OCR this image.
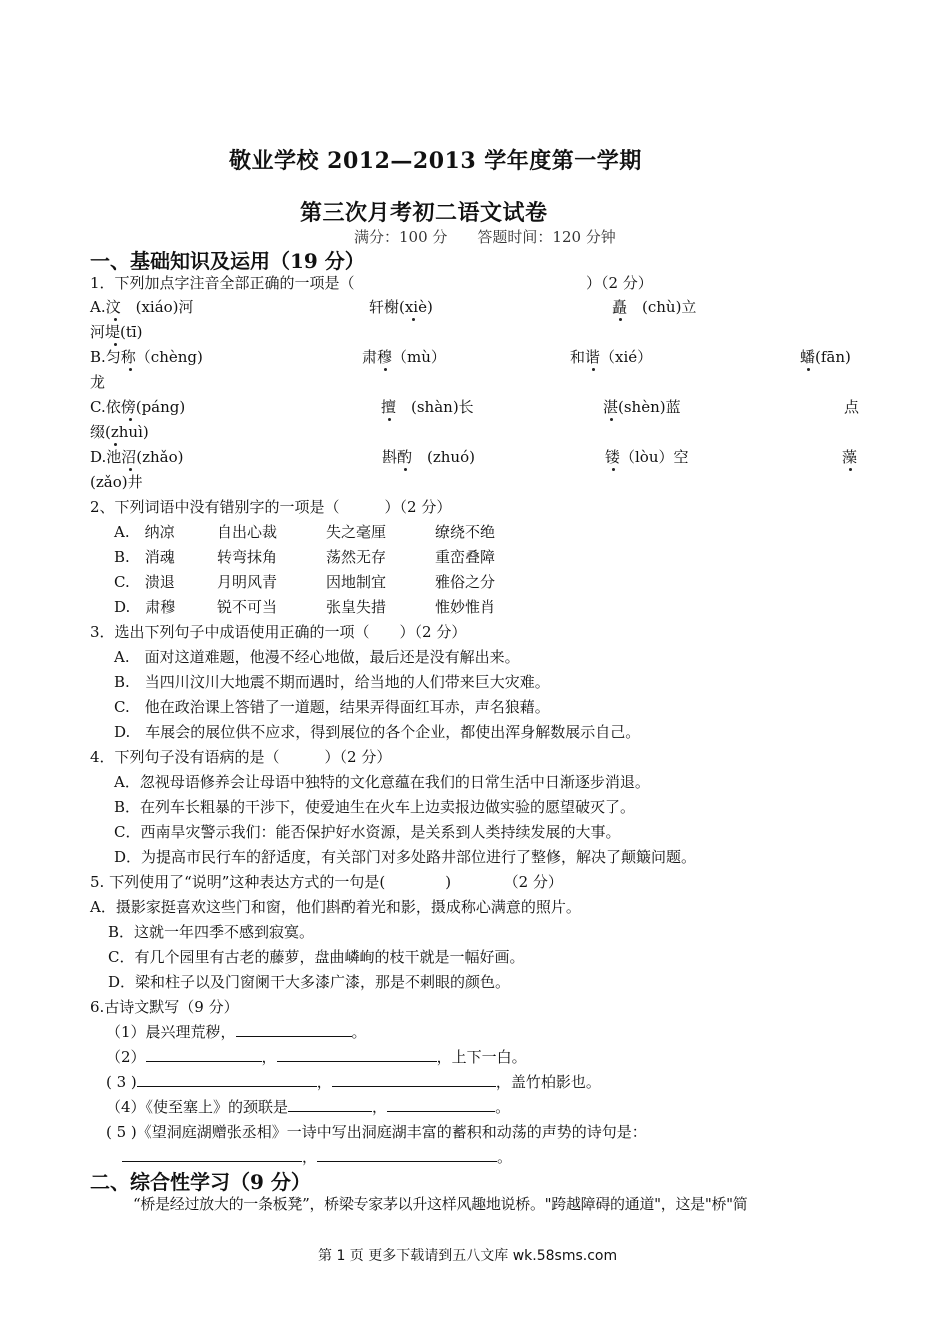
敬业学校 2012—2013 学年度第一学期
第三次月考初二语文试卷
满分：100 分　　答题时间：120 分钟
一、基础知识及运用（19 分）
1．下列加点字注音全部正确的一项是（	）（2 分）
A.汶　(xiáo)河	轩榭(xiè)	矗　(chù)立
河堤(tī)
B.匀称（chèng)	肃穆（mù）	和谐（xié）	蟠(fān)
龙
C.依傍(páng)	擅　(shàn)长	湛(shèn)蓝	点
缀(zhuì)
D.池沼(zhǎo)	斟酌　(zhuó)	镂（lòu）空	藻
(zǎo)井
2、下列词语中没有错别字的一项是（　　　）（2 分）
A.　纳凉	自出心裁	失之毫厘	缭绕不绝
B.　消魂	转弯抹角	荡然无存	重峦叠障
C.　溃退	月明风青	因地制宜	雅俗之分
D.　肃穆	锐不可当	张皇失措	惟妙惟肖
3．选出下列句子中成语使用正确的一项（　　）（2 分）
A.　面对这道难题，他漫不经心地做，最后还是没有解出来。
B.　当四川汶川大地震不期而遇时，给当地的人们带来巨大灾难。
C.　他在政治课上答错了一道题，结果弄得面红耳赤，声名狼藉。
D.　车展会的展位供不应求，得到展位的各个企业，都使出浑身解数展示自己。
4．下列句子没有语病的是（　　　）（2 分）
A．忽视母语修养会让母语中独特的文化意蕴在我们的日常生活中日渐逐步消退。
B．在列车长粗暴的干涉下，使爱迪生在火车上边卖报边做实验的愿望破灭了。
C．西南旱灾警示我们：能否保护好水资源，是关系到人类持续发展的大事。
D．为提高市民行车的舒适度，有关部门对多处路井部位进行了整修，解决了颠簸问题。
5. 下列使用了“说明”这种表达方式的一句是(　　　　)　　　　（2 分）
A．摄影家挺喜欢这些门和窗，他们斟酌着光和影，摄成称心满意的照片。
B．这就一年四季不感到寂寞。
C．有几个园里有古老的藤萝，盘曲嶙峋的枝干就是一幅好画。
D．梁和柱子以及门窗阑干大多漆广漆，那是不刺眼的颜色。
6.古诗文默写（9 分）
（1）晨兴理荒秽，	。
（2）	，	，上下一白。
( 3 )	，	，盖竹柏影也。
（4）《使至塞上》的颈联是	，	。
( 5 )《望洞庭湖赠张丞相》一诗中写出洞庭湖丰富的蓄积和动荡的声势的诗句是：
，	。
二、综合性学习（9 分）
“桥是经过放大的一条板凳”，桥梁专家茅以升这样风趣地说桥。"跨越障碍的通道"，这是"桥"简
第 1 页 更多下载请到五八文库 wk.58sms.com
